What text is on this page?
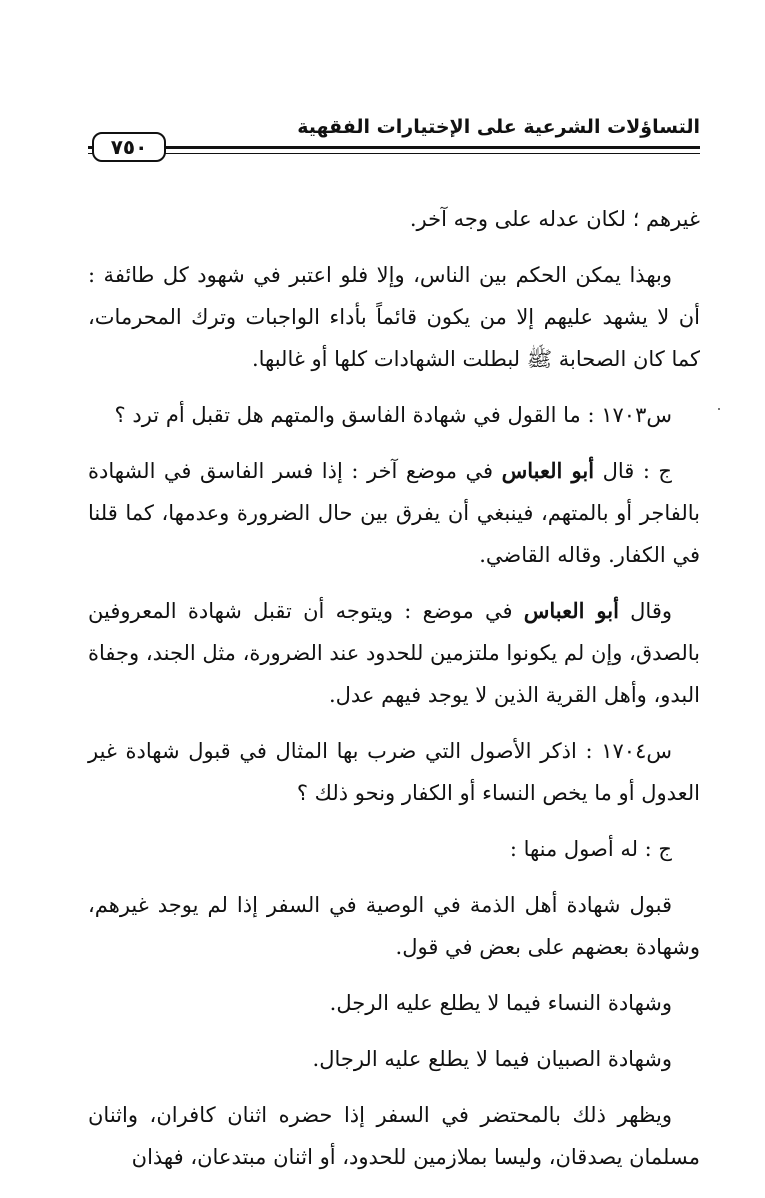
التساؤلات الشرعية على الإختيارات الفقهية
٧٥٠

غيرهم ؛ لكان عدله على وجه آخر.

وبهذا يمكن الحكم بين الناس، وإلا فلو اعتبر في شهود كل طائفة : أن لا يشهد عليهم إلا من يكون قائماً بأداء الواجبات وترك المحرمات، كما كان الصحابة ﷺ لبطلت الشهادات كلها أو غالبها.

س١٧٠٣ : ما القول في شهادة الفاسق والمتهم هل تقبل أم ترد ؟

ج : قال أبو العباس في موضع آخر : إذا فسر الفاسق في الشهادة بالفاجر أو بالمتهم، فينبغي أن يفرق بين حال الضرورة وعدمها، كما قلنا في الكفار. وقاله القاضي.

وقال أبو العباس في موضع : ويتوجه أن تقبل شهادة المعروفين بالصدق، وإن لم يكونوا ملتزمين للحدود عند الضرورة، مثل الجند، وجفاة البدو، وأهل القرية الذين لا يوجد فيهم عدل.

س١٧٠٤ : اذكر الأصول التي ضرب بها المثال في قبول شهادة غير العدول أو ما يخص النساء أو الكفار ونحو ذلك ؟

ج : له أصول منها :

قبول شهادة أهل الذمة في الوصية في السفر إذا لم يوجد غيرهم، وشهادة بعضهم على بعض في قول.

وشهادة النساء فيما لا يطلع عليه الرجل.

وشهادة الصبيان فيما لا يطلع عليه الرجال.

ويظهر ذلك بالمحتضر في السفر إذا حضره اثنان كافران، واثنان مسلمان يصدقان، وليسا بملازمين للحدود، أو اثنان مبتدعان، فهذان
